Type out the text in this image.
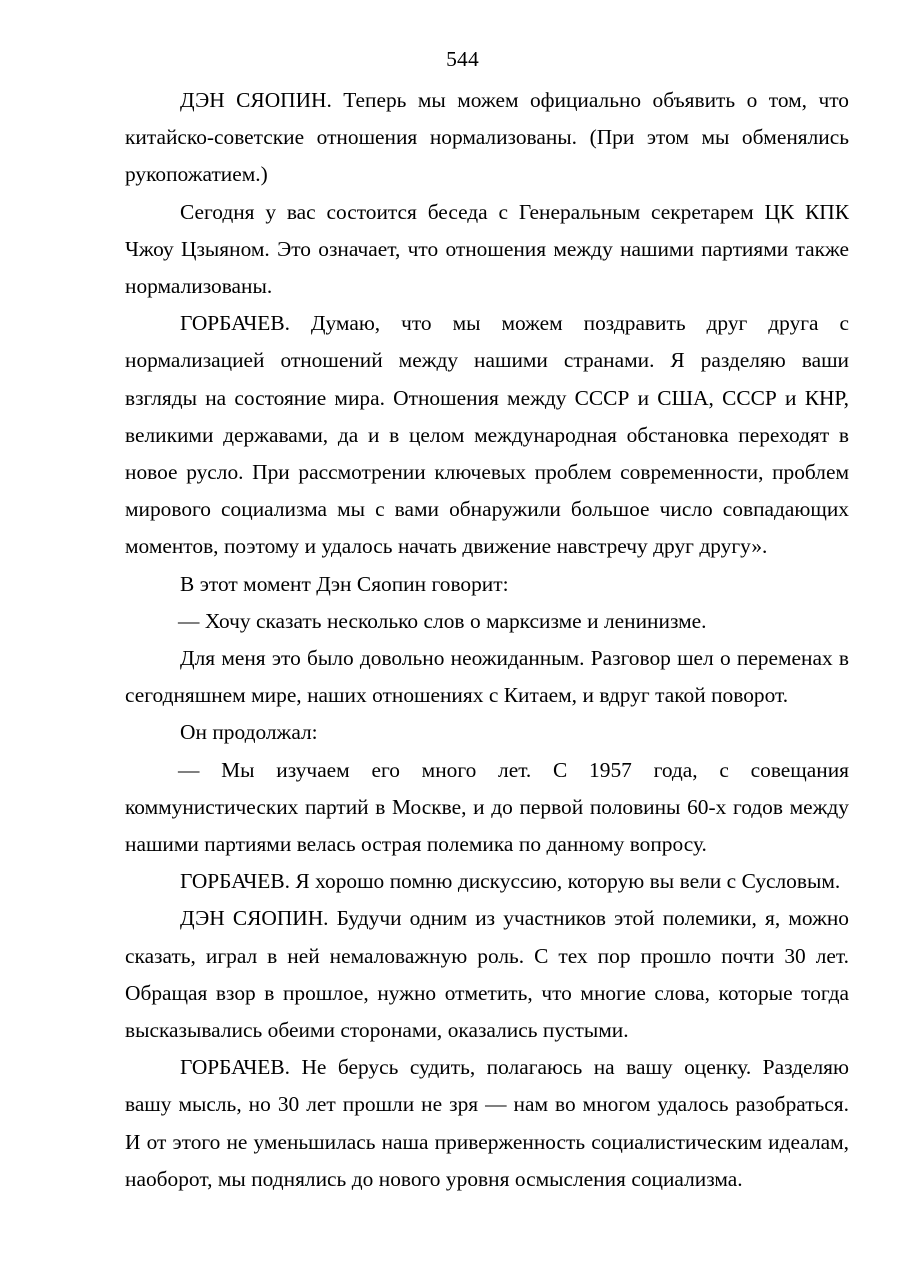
544

ДЭН СЯОПИН. Теперь мы можем официально объявить о том, что китайско-советские отношения нормализованы. (При этом мы обменялись рукопожатием.)

Сегодня у вас состоится беседа с Генеральным секретарем ЦК КПК Чжоу Цзыяном. Это означает, что отношения между нашими партиями также нормализованы.

ГОРБАЧЕВ. Думаю, что мы можем поздравить друг друга с нормализацией отношений между нашими странами. Я разделяю ваши взгляды на состояние мира. Отношения между СССР и США, СССР и КНР, великими державами, да и в целом международная обстановка переходят в новое русло. При рассмотрении ключевых проблем современности, проблем мирового социализма мы с вами обнаружили большое число совпадающих моментов, поэтому и удалось начать движение навстречу друг другу».

В этот момент Дэн Сяопин говорит:

— Хочу сказать несколько слов о марксизме и ленинизме.

Для меня это было довольно неожиданным. Разговор шел о переменах в сегодняшнем мире, наших отношениях с Китаем, и вдруг такой поворот.

Он продолжал:

— Мы изучаем его много лет. С 1957 года, с совещания коммунистических партий в Москве, и до первой половины 60-х годов между нашими партиями велась острая полемика по данному вопросу.

ГОРБАЧЕВ. Я хорошо помню дискуссию, которую вы вели с Сусловым.

ДЭН СЯОПИН. Будучи одним из участников этой полемики, я, можно сказать, играл в ней немаловажную роль. С тех пор прошло почти 30 лет. Обращая взор в прошлое, нужно отметить, что многие слова, которые тогда высказывались обеими сторонами, оказались пустыми.

ГОРБАЧЕВ. Не берусь судить, полагаюсь на вашу оценку. Разделяю вашу мысль, но 30 лет прошли не зря — нам во многом удалось разобраться. И от этого не уменьшилась наша приверженность социалистическим идеалам, наоборот, мы поднялись до нового уровня осмысления социализма.
